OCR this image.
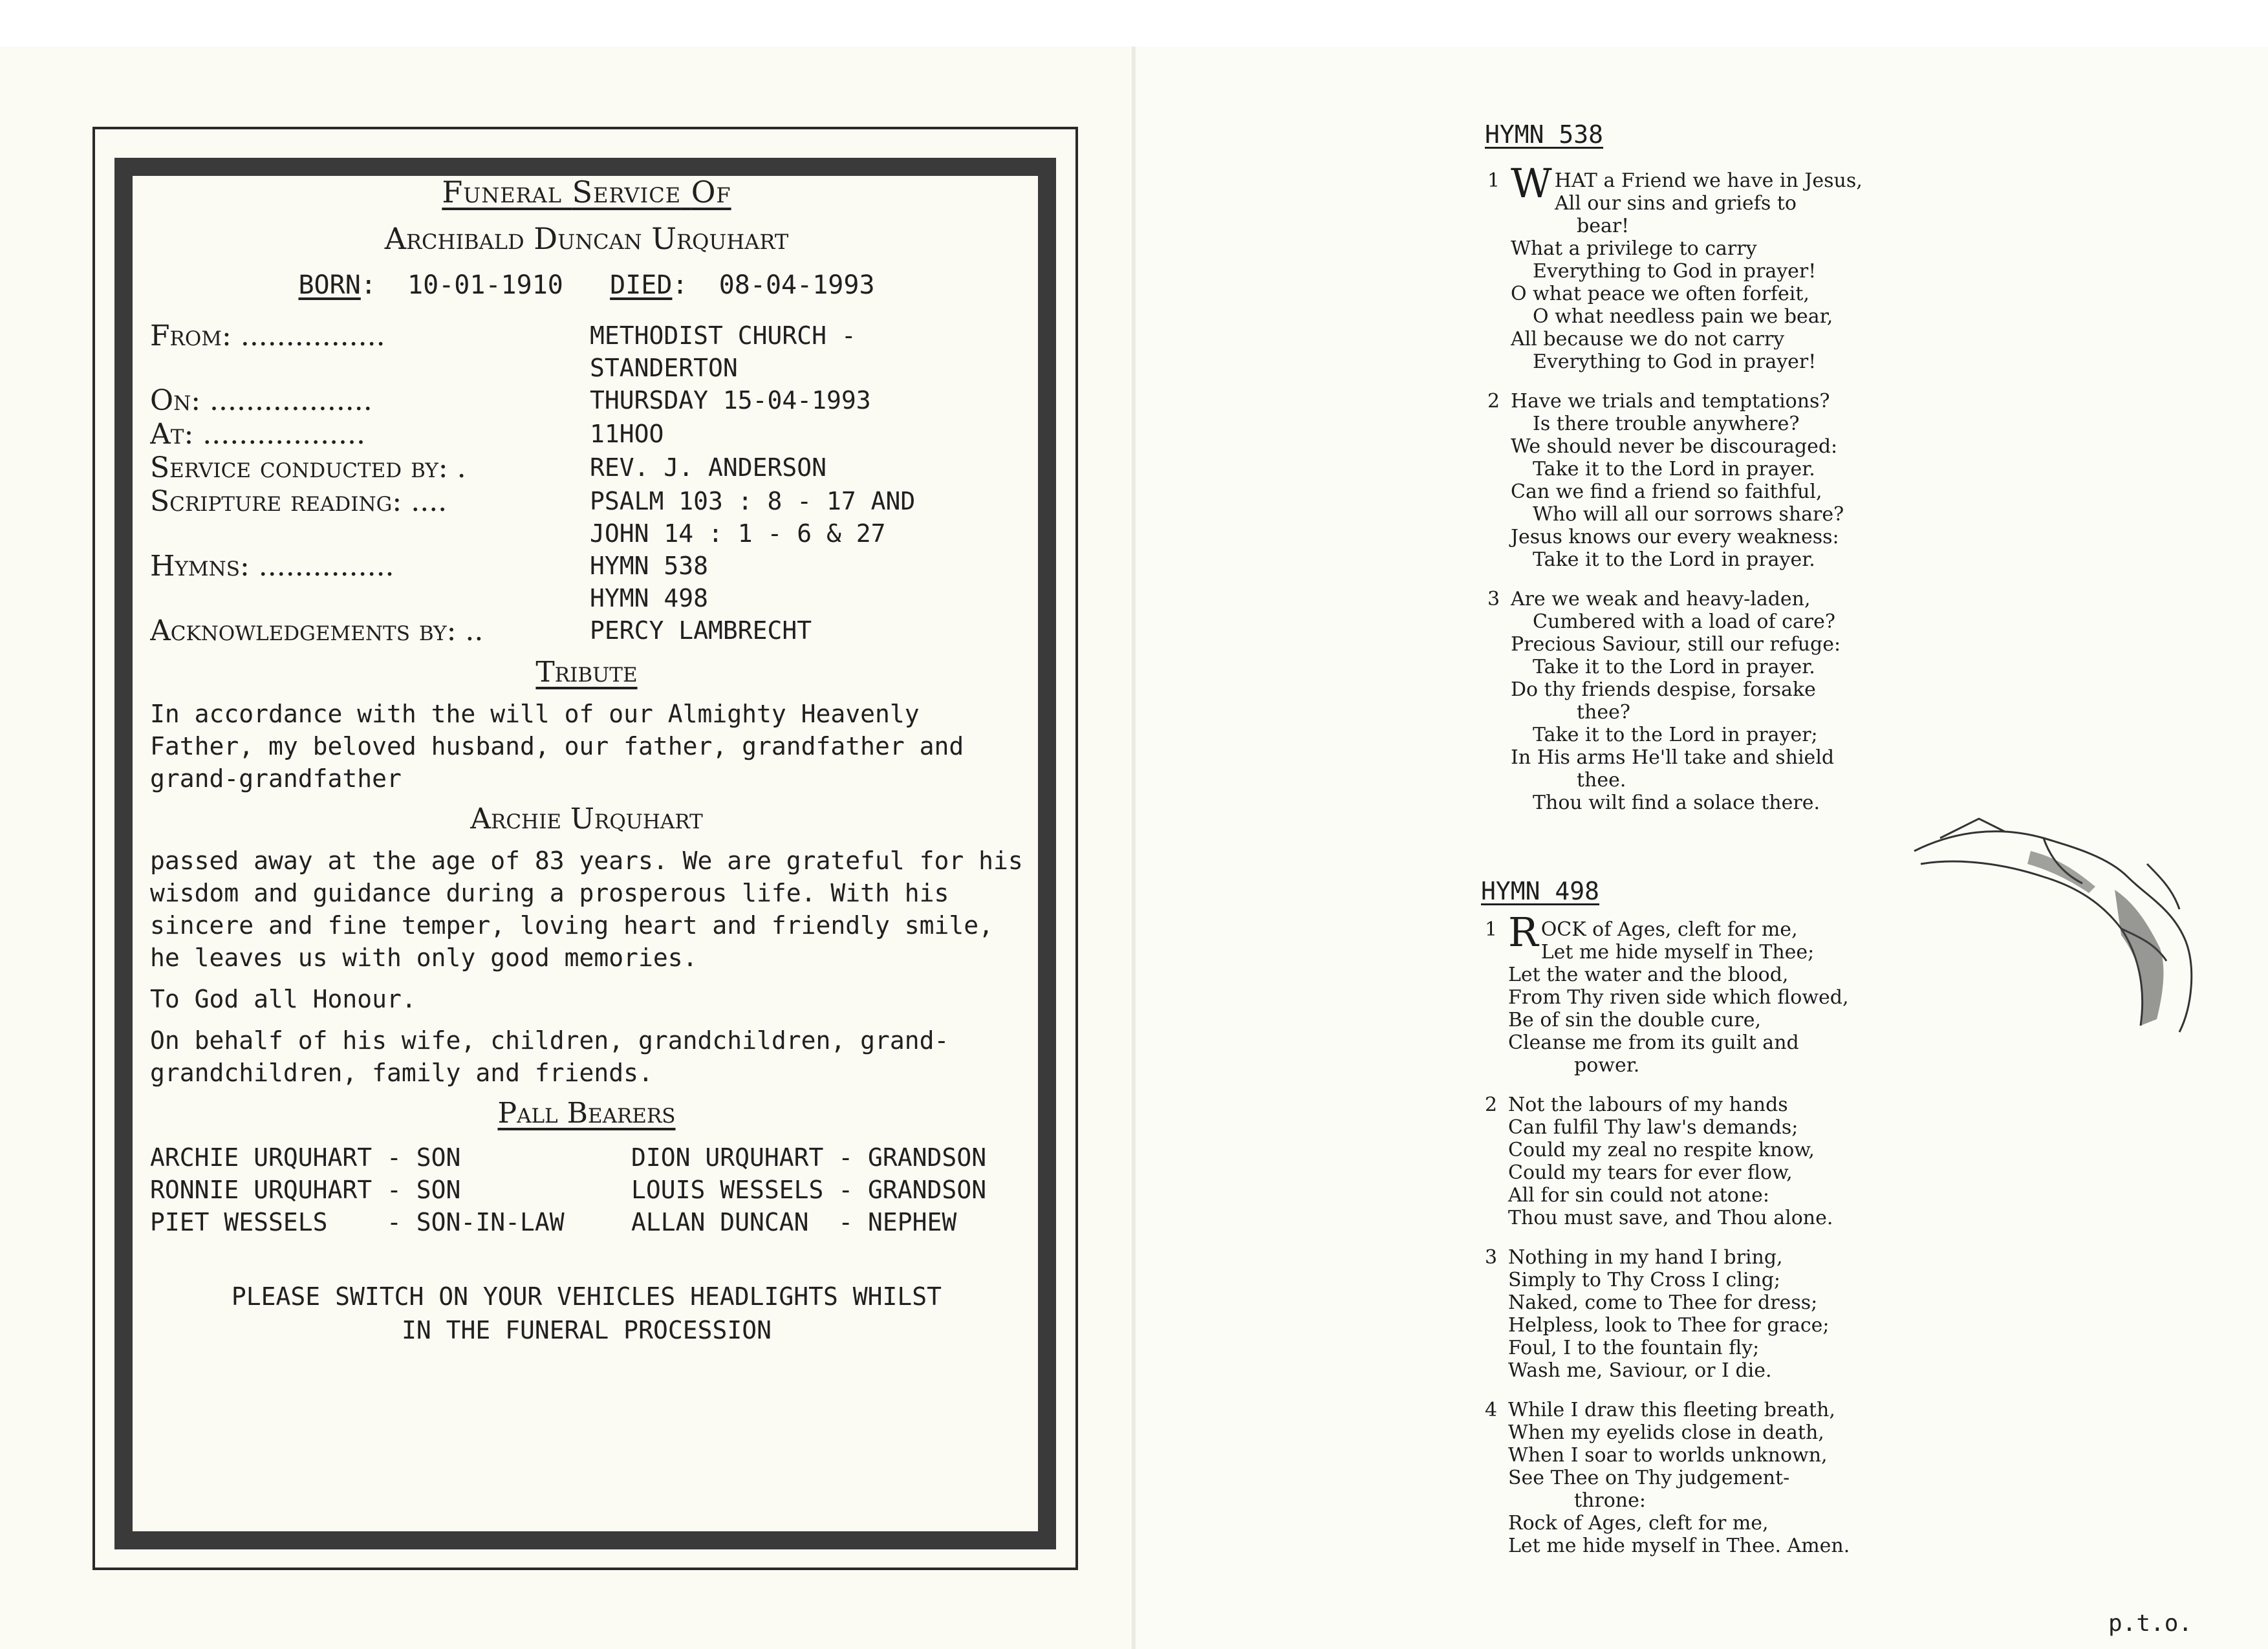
Funeral Service Of
Archibald Duncan Urquhart
BORN:  10-01-1910 DIED:  08-04-1993
From: ................	METHODIST CHURCH -
STANDERTON
On: ..................	THURSDAY 15-04-1993
At: ..................	11HOO
Service conducted by: .	REV. J. ANDERSON
Scripture reading: ....	PSALM 103 : 8 - 17 AND
JOHN 14 : 1 - 6 & 27
Hymns: ...............	HYMN 538
HYMN 498
Acknowledgements by: ..	PERCY LAMBRECHT
Tribute
In accordance with the will of our Almighty Heavenly Father, my beloved husband, our father, grandfather and grand-grandfather
Archie Urquhart
passed away at the age of 83 years. We are grateful for his wisdom and guidance during a prosperous life. With his sincere and fine temper, loving heart and friendly smile, he leaves us with only good memories.
To God all Honour.
On behalf of his wife, children, grandchildren, grand-grandchildren, family and friends.
Pall Bearers
ARCHIE URQUHART - SON	DION URQUHART - GRANDSON
RONNIE URQUHART - SON	LOUIS WESSELS - GRANDSON
PIET WESSELS    - SON-IN-LAW	ALLAN DUNCAN  - NEPHEW
PLEASE SWITCH ON YOUR VEHICLES HEADLIGHTS WHILST
IN THE FUNERAL PROCESSION
HYMN 538
1 WHAT a Friend we have in Jesus,
All our sins and griefs to
bear!
What a privilege to carry
Everything to God in prayer!
O what peace we often forfeit,
O what needless pain we bear,
All because we do not carry
Everything to God in prayer!
2 Have we trials and temptations?
Is there trouble anywhere?
We should never be discouraged:
Take it to the Lord in prayer.
Can we find a friend so faithful,
Who will all our sorrows share?
Jesus knows our every weakness:
Take it to the Lord in prayer.
3 Are we weak and heavy-laden,
Cumbered with a load of care?
Precious Saviour, still our refuge:
Take it to the Lord in prayer.
Do thy friends despise, forsake
thee?
Take it to the Lord in prayer;
In His arms He'll take and shield
thee.
Thou wilt find a solace there.
HYMN 498
1 ROCK of Ages, cleft for me,
Let me hide myself in Thee;
Let the water and the blood,
From Thy riven side which flowed,
Be of sin the double cure,
Cleanse me from its guilt and
power.
2 Not the labours of my hands
Can fulfil Thy law's demands;
Could my zeal no respite know,
Could my tears for ever flow,
All for sin could not atone:
Thou must save, and Thou alone.
3 Nothing in my hand I bring,
Simply to Thy Cross I cling;
Naked, come to Thee for dress;
Helpless, look to Thee for grace;
Foul, I to the fountain fly;
Wash me, Saviour, or I die.
4 While I draw this fleeting breath,
When my eyelids close in death,
When I soar to worlds unknown,
See Thee on Thy judgement-
throne:
Rock of Ages, cleft for me,
Let me hide myself in Thee. Amen.
p.t.o.
